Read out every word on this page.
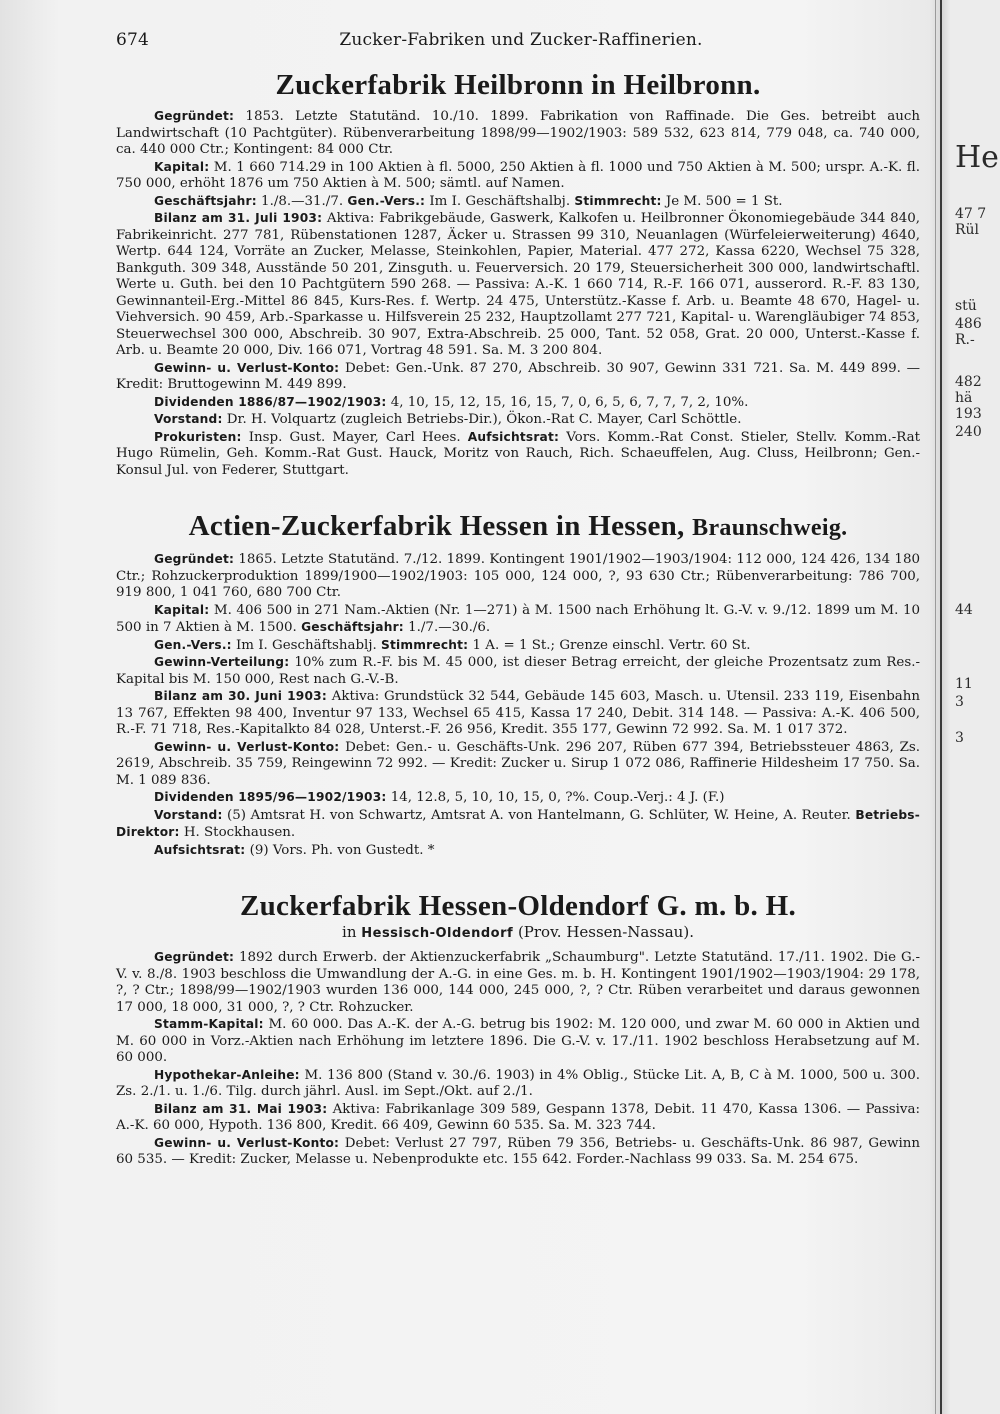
674	Zucker-Fabriken und Zucker-Raffinerien.
He
47 7
Rül
stü
486
R.-
482
hä
193
240
44
11
3
3
Zuckerfabrik Heilbronn in Heilbronn.

Gegründet: 1853. Letzte Statutänd. 10./10. 1899. Fabrikation von Raffinade. Die Ges. betreibt auch Landwirtschaft (10 Pachtgüter). Rübenverarbeitung 1898/99—1902/1903: 589 532, 623 814, 779 048, ca. 740 000, ca. 440 000 Ctr.; Kontingent: 84 000 Ctr.

Kapital: M. 1 660 714.29 in 100 Aktien à fl. 5000, 250 Aktien à fl. 1000 und 750 Aktien à M. 500; urspr. A.-K. fl. 750 000, erhöht 1876 um 750 Aktien à M. 500; sämtl. auf Namen.

Geschäftsjahr: 1./8.—31./7. Gen.-Vers.: Im I. Geschäftshalbj. Stimmrecht: Je M. 500 = 1 St.

Bilanz am 31. Juli 1903: Aktiva: Fabrikgebäude, Gaswerk, Kalkofen u. Heilbronner Ökonomiegebäude 344 840, Fabrikeinricht. 277 781, Rübenstationen 1287, Äcker u. Strassen 99 310, Neuanlagen (Würfeleierweiterung) 4640, Wertp. 644 124, Vorräte an Zucker, Melasse, Steinkohlen, Papier, Material. 477 272, Kassa 6220, Wechsel 75 328, Bankguth. 309 348, Ausstände 50 201, Zinsguth. u. Feuerversich. 20 179, Steuersicherheit 300 000, landwirtschaftl. Werte u. Guth. bei den 10 Pachtgütern 590 268. — Passiva: A.-K. 1 660 714, R.-F. 166 071, ausserord. R.-F. 83 130, Gewinnanteil-Erg.-Mittel 86 845, Kurs-Res. f. Wertp. 24 475, Unterstütz.-Kasse f. Arb. u. Beamte 48 670, Hagel- u. Viehversich. 90 459, Arb.-Sparkasse u. Hilfsverein 25 232, Hauptzollamt 277 721, Kapital- u. Warengläubiger 74 853, Steuerwechsel 300 000, Abschreib. 30 907, Extra-Abschreib. 25 000, Tant. 52 058, Grat. 20 000, Unterst.-Kasse f. Arb. u. Beamte 20 000, Div. 166 071, Vortrag 48 591. Sa. M. 3 200 804.

Gewinn- u. Verlust-Konto: Debet: Gen.-Unk. 87 270, Abschreib. 30 907, Gewinn 331 721. Sa. M. 449 899. — Kredit: Bruttogewinn M. 449 899.

Dividenden 1886/87—1902/1903: 4, 10, 15, 12, 15, 16, 15, 7, 0, 6, 5, 6, 7, 7, 7, 2, 10%.

Vorstand: Dr. H. Volquartz (zugleich Betriebs-Dir.), Ökon.-Rat C. Mayer, Carl Schöttle.

Prokuristen: Insp. Gust. Mayer, Carl Hees. Aufsichtsrat: Vors. Komm.-Rat Const. Stieler, Stellv. Komm.-Rat Hugo Rümelin, Geh. Komm.-Rat Gust. Hauck, Moritz von Rauch, Rich. Schaeuffelen, Aug. Cluss, Heilbronn; Gen.-Konsul Jul. von Federer, Stuttgart.

Actien-Zuckerfabrik Hessen in Hessen, Braunschweig.

Gegründet: 1865. Letzte Statutänd. 7./12. 1899. Kontingent 1901/1902—1903/1904: 112 000, 124 426, 134 180 Ctr.; Rohzuckerproduktion 1899/1900—1902/1903: 105 000, 124 000, ?, 93 630 Ctr.; Rübenverarbeitung: 786 700, 919 800, 1 041 760, 680 700 Ctr.

Kapital: M. 406 500 in 271 Nam.-Aktien (Nr. 1—271) à M. 1500 nach Erhöhung lt. G.-V. v. 9./12. 1899 um M. 10 500 in 7 Aktien à M. 1500. Geschäftsjahr: 1./7.—30./6.

Gen.-Vers.: Im I. Geschäftshablj. Stimmrecht: 1 A. = 1 St.; Grenze einschl. Vertr. 60 St.

Gewinn-Verteilung: 10% zum R.-F. bis M. 45 000, ist dieser Betrag erreicht, der gleiche Prozentsatz zum Res.-Kapital bis M. 150 000, Rest nach G.-V.-B.

Bilanz am 30. Juni 1903: Aktiva: Grundstück 32 544, Gebäude 145 603, Masch. u. Utensil. 233 119, Eisenbahn 13 767, Effekten 98 400, Inventur 97 133, Wechsel 65 415, Kassa 17 240, Debit. 314 148. — Passiva: A.-K. 406 500, R.-F. 71 718, Res.-Kapitalkto 84 028, Unterst.-F. 26 956, Kredit. 355 177, Gewinn 72 992. Sa. M. 1 017 372.

Gewinn- u. Verlust-Konto: Debet: Gen.- u. Geschäfts-Unk. 296 207, Rüben 677 394, Betriebssteuer 4863, Zs. 2619, Abschreib. 35 759, Reingewinn 72 992. — Kredit: Zucker u. Sirup 1 072 086, Raffinerie Hildesheim 17 750. Sa. M. 1 089 836.

Dividenden 1895/96—1902/1903: 14, 12.8, 5, 10, 10, 15, 0, ?%. Coup.-Verj.: 4 J. (F.)

Vorstand: (5) Amtsrat H. von Schwartz, Amtsrat A. von Hantelmann, G. Schlüter, W. Heine, A. Reuter. Betriebs-Direktor: H. Stockhausen.

Aufsichtsrat: (9) Vors. Ph. von Gustedt. *

Zuckerfabrik Hessen-Oldendorf G. m. b. H.
in Hessisch-Oldendorf (Prov. Hessen-Nassau).

Gegründet: 1892 durch Erwerb. der Aktienzuckerfabrik „Schaumburg". Letzte Statutänd. 17./11. 1902. Die G.-V. v. 8./8. 1903 beschloss die Umwandlung der A.-G. in eine Ges. m. b. H. Kontingent 1901/1902—1903/1904: 29 178, ?, ? Ctr.; 1898/99—1902/1903 wurden 136 000, 144 000, 245 000, ?, ? Ctr. Rüben verarbeitet und daraus gewonnen 17 000, 18 000, 31 000, ?, ? Ctr. Rohzucker.

Stamm-Kapital: M. 60 000. Das A.-K. der A.-G. betrug bis 1902: M. 120 000, und zwar M. 60 000 in Aktien und M. 60 000 in Vorz.-Aktien nach Erhöhung im letztere 1896. Die G.-V. v. 17./11. 1902 beschloss Herabsetzung auf M. 60 000.

Hypothekar-Anleihe: M. 136 800 (Stand v. 30./6. 1903) in 4% Oblig., Stücke Lit. A, B, C à M. 1000, 500 u. 300. Zs. 2./1. u. 1./6. Tilg. durch jährl. Ausl. im Sept./Okt. auf 2./1.

Bilanz am 31. Mai 1903: Aktiva: Fabrikanlage 309 589, Gespann 1378, Debit. 11 470, Kassa 1306. — Passiva: A.-K. 60 000, Hypoth. 136 800, Kredit. 66 409, Gewinn 60 535. Sa. M. 323 744.

Gewinn- u. Verlust-Konto: Debet: Verlust 27 797, Rüben 79 356, Betriebs- u. Geschäfts-Unk. 86 987, Gewinn 60 535. — Kredit: Zucker, Melasse u. Nebenprodukte etc. 155 642. Forder.-Nachlass 99 033. Sa. M. 254 675.
